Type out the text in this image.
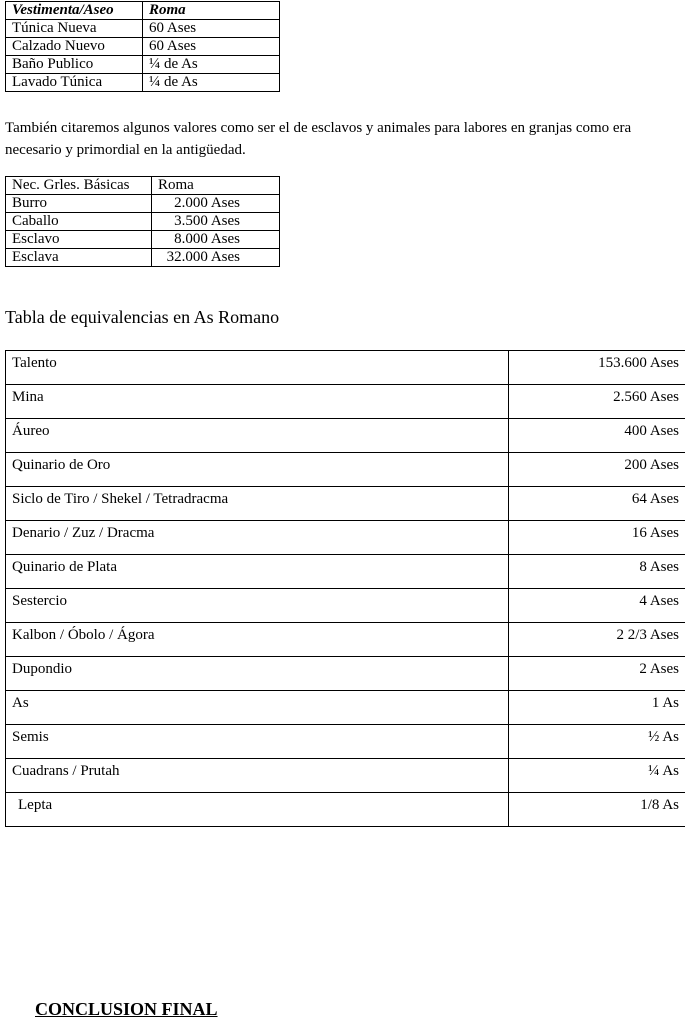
Vestimenta/Aseo	Roma
Túnica Nueva	60 Ases
Calzado Nuevo	60 Ases
Baño Publico	¼ de As
Lavado Túnica	¼ de As

También citaremos algunos valores como ser el de esclavos y animales para labores en granjas como era necesario y primordial en la antigüedad.

Nec. Grles. Básicas	Roma
Burro	2.000 Ases
Caballo	3.500 Ases
Esclavo	8.000 Ases
Esclava	32.000 Ases
Tabla de equivalencias en As Romano
Talento	153.600 Ases
Mina	2.560 Ases
Áureo	400 Ases
Quinario de Oro	200 Ases
Siclo de Tiro / Shekel / Tetradracma	64 Ases
Denario / Zuz / Dracma	16 Ases
Quinario de Plata	8 Ases
Sestercio	4 Ases
Kalbon / Óbolo / Ágora	2 2/3 Ases
Dupondio	2 Ases
As	1 As
Semis	½ As
Cuadrans / Prutah	¼ As
Lepta	1/8 As
CONCLUSION FINAL
